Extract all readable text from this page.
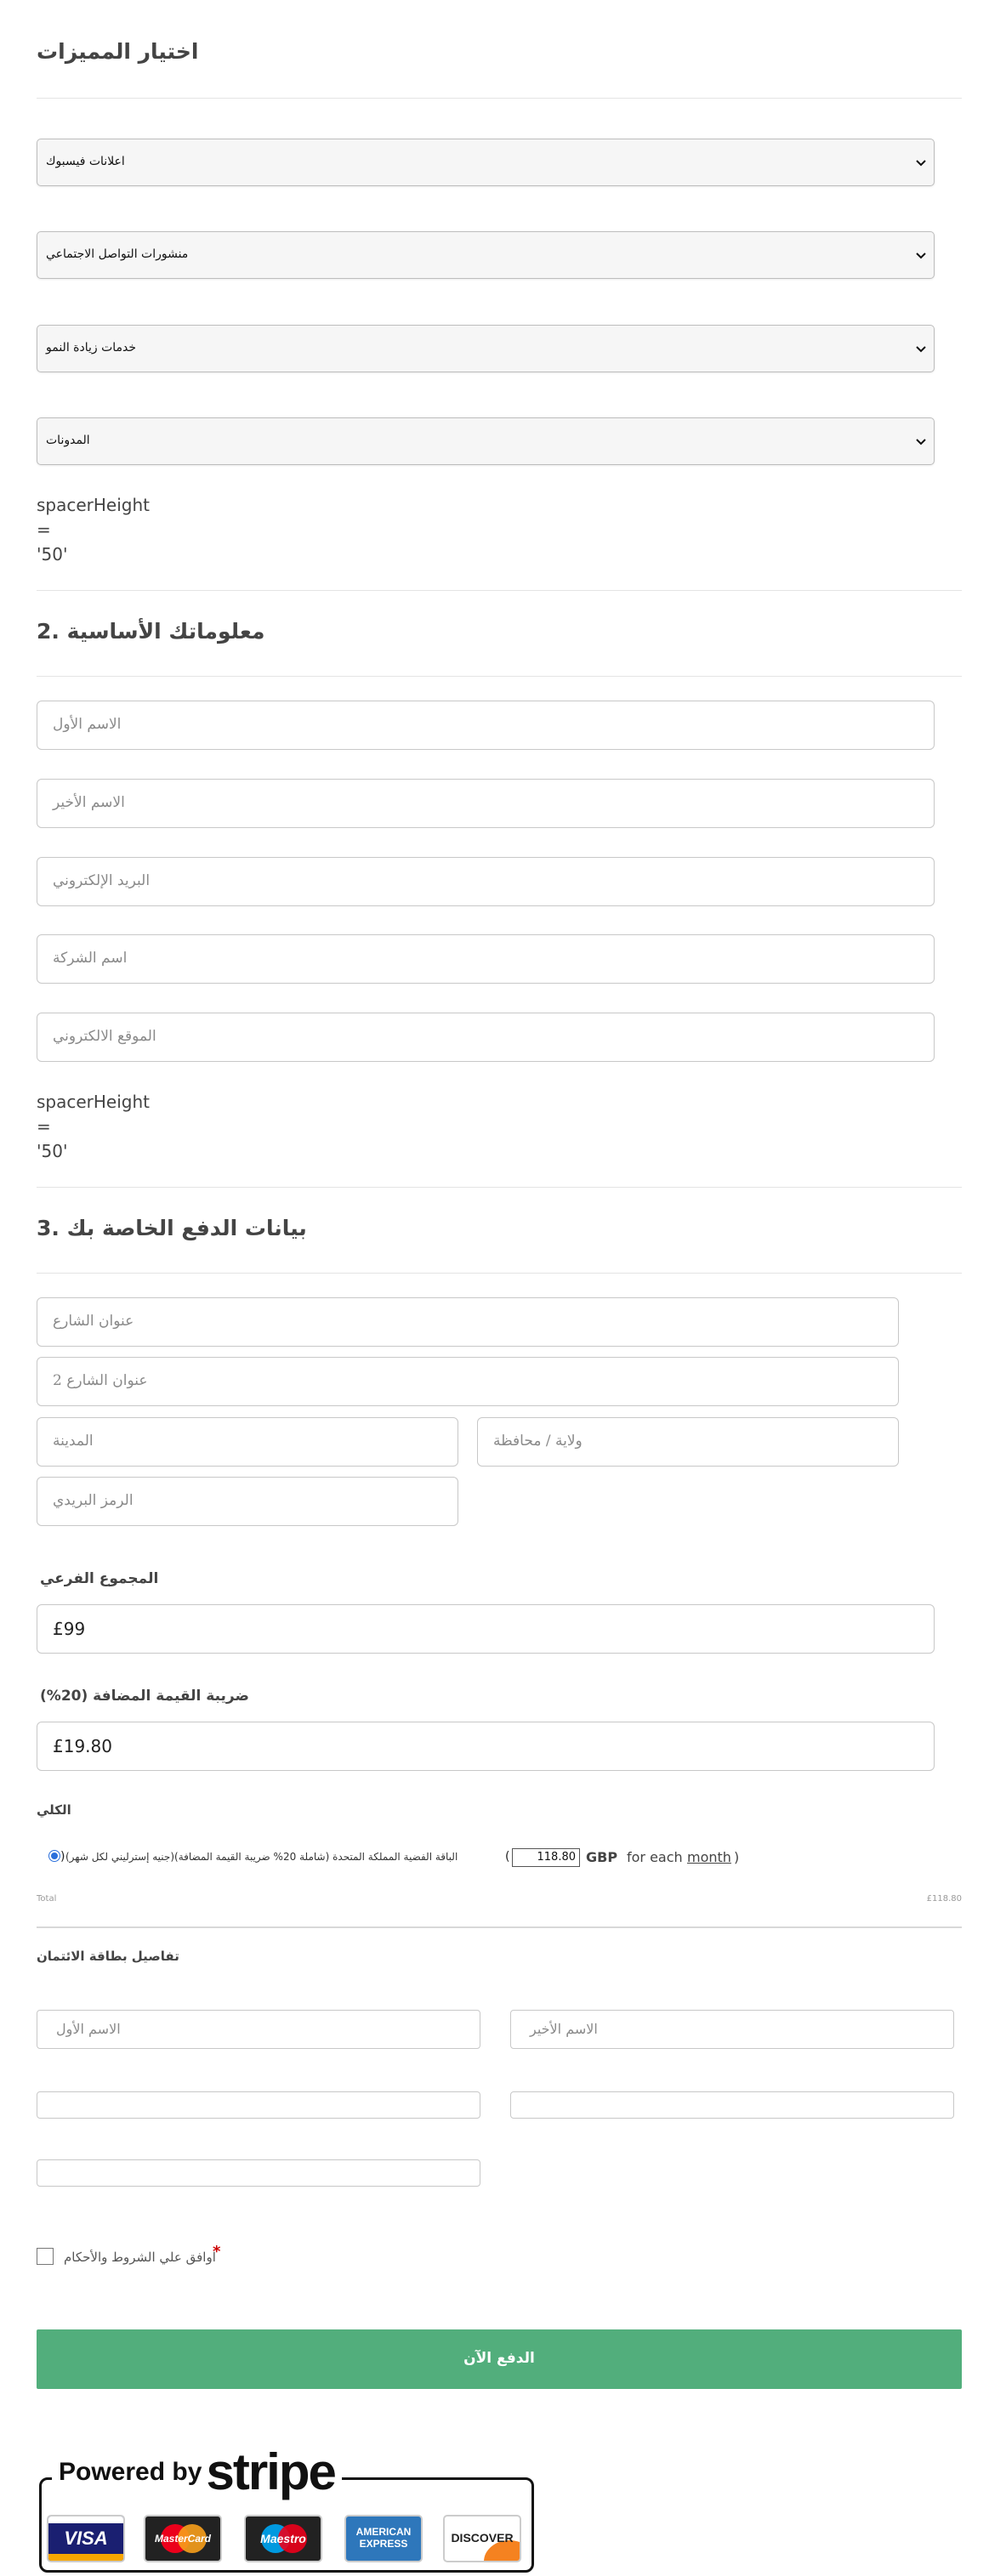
اختيار المميزات
اعلانات فيسبوك
منشورات التواصل الاجتماعي
خدمات زيادة النمو
المدونات
spacerHeight
=
'50'
2. معلوماتك الأساسية
الاسم الأول
الاسم الأخير
البريد الإلكتروني
اسم الشركة
الموقع الالكتروني
spacerHeight
=
'50'
3. بيانات الدفع الخاصة بك
عنوان الشارع
عنوان الشارع 2
المدينة	ولاية / محافظة
الرمز البريدي
المجموع الفرعي
£99
ضريبة القيمة المضافة (20%)
£19.80
الكلي
) الباقة الفضية المملكة المتحدة (شاملة 20% ضريبة القيمة المضافة)(جنيه إسترليني لكل شهر)	( 118.80 GBP for each month )
Total	£118.80
تفاصيل بطاقة الائتمان
الاسم الأول	الاسم الأخير
اوافق علي الشروط والأحكام
*
الدفع الآن
Powered by stripe
VISA	MasterCard	Maestro	AMERICAN EXPRESS	DISCOVER
